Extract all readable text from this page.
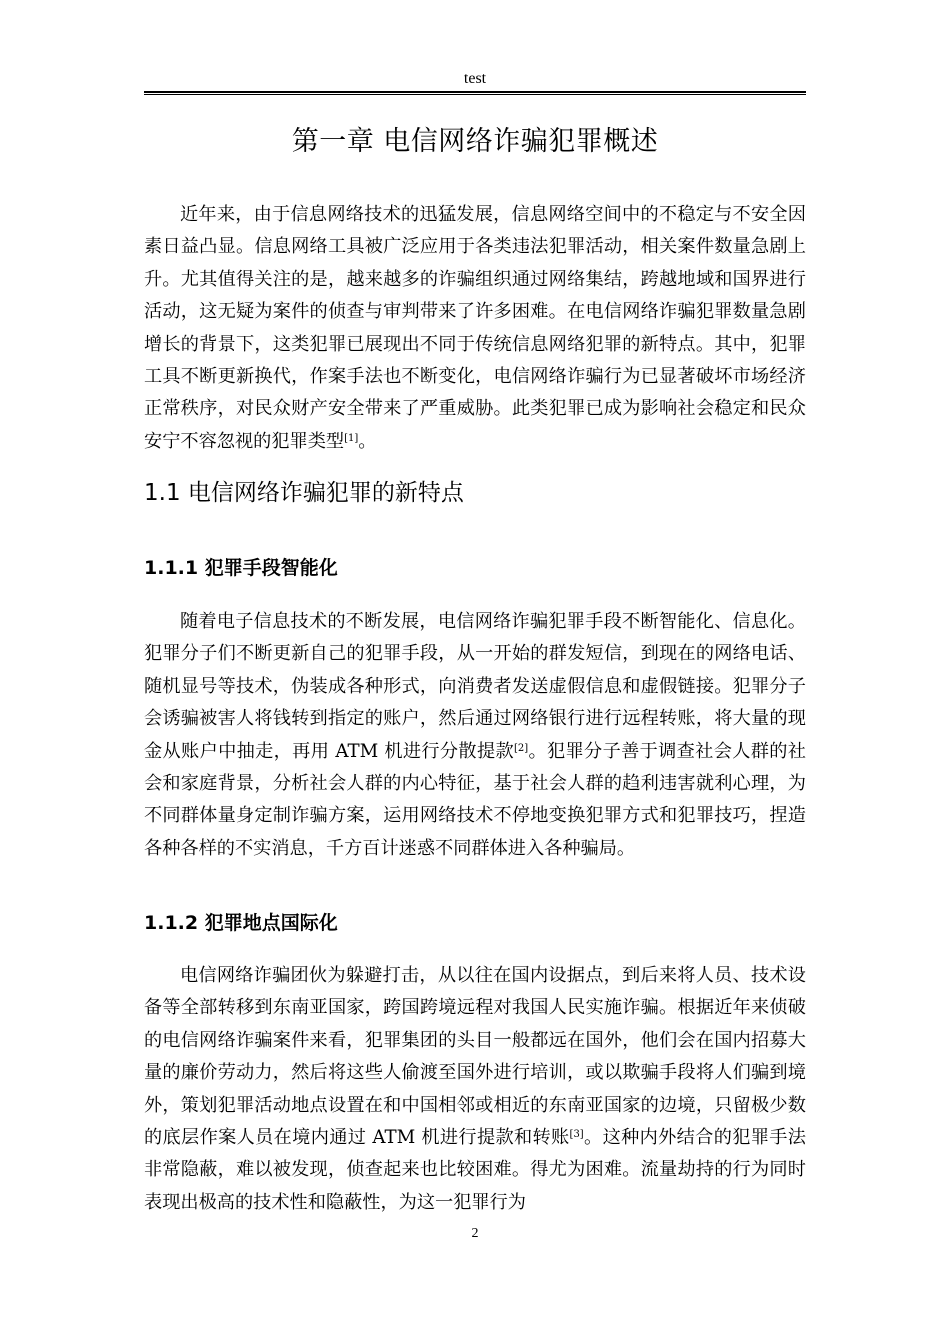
test
第一章 电信网络诈骗犯罪概述

近年来，由于信息网络技术的迅猛发展，信息网络空间中的不稳定与不安全因素日益凸显。信息网络工具被广泛应用于各类违法犯罪活动，相关案件数量急剧上升。尤其值得关注的是，越来越多的诈骗组织通过网络集结，跨越地域和国界进行活动，这无疑为案件的侦查与审判带来了许多困难。在电信网络诈骗犯罪数量急剧增长的背景下，这类犯罪已展现出不同于传统信息网络犯罪的新特点。其中，犯罪工具不断更新换代，作案手法也不断变化，电信网络诈骗行为已显著破坏市场经济正常秩序，对民众财产安全带来了严重威胁。此类犯罪已成为影响社会稳定和民众安宁不容忽视的犯罪类型[1]。

1.1 电信网络诈骗犯罪的新特点
1.1.1 犯罪手段智能化

随着电子信息技术的不断发展，电信网络诈骗犯罪手段不断智能化、信息化。犯罪分子们不断更新自己的犯罪手段，从一开始的群发短信，到现在的网络电话、随机显号等技术，伪装成各种形式，向消费者发送虚假信息和虚假链接。犯罪分子会诱骗被害人将钱转到指定的账户，然后通过网络银行进行远程转账，将大量的现金从账户中抽走，再用 ATM 机进行分散提款[2]。犯罪分子善于调查社会人群的社会和家庭背景，分析社会人群的内心特征，基于社会人群的趋利违害就利心理，为不同群体量身定制诈骗方案，运用网络技术不停地变换犯罪方式和犯罪技巧，捏造各种各样的不实消息，千方百计迷惑不同群体进入各种骗局。

1.1.2 犯罪地点国际化

电信网络诈骗团伙为躲避打击，从以往在国内设据点，到后来将人员、技术设备等全部转移到东南亚国家，跨国跨境远程对我国人民实施诈骗。根据近年来侦破的电信网络诈骗案件来看，犯罪集团的头目一般都远在国外，他们会在国内招募大量的廉价劳动力，然后将这些人偷渡至国外进行培训，或以欺骗手段将人们骗到境外，策划犯罪活动地点设置在和中国相邻或相近的东南亚国家的边境，只留极少数的底层作案人员在境内通过 ATM 机进行提款和转账[3]。这种内外结合的犯罪手法非常隐蔽，难以被发现，侦查起来也比较困难。得尤为困难。流量劫持的行为同时表现出极高的技术性和隐蔽性，为这一犯罪行为

2
